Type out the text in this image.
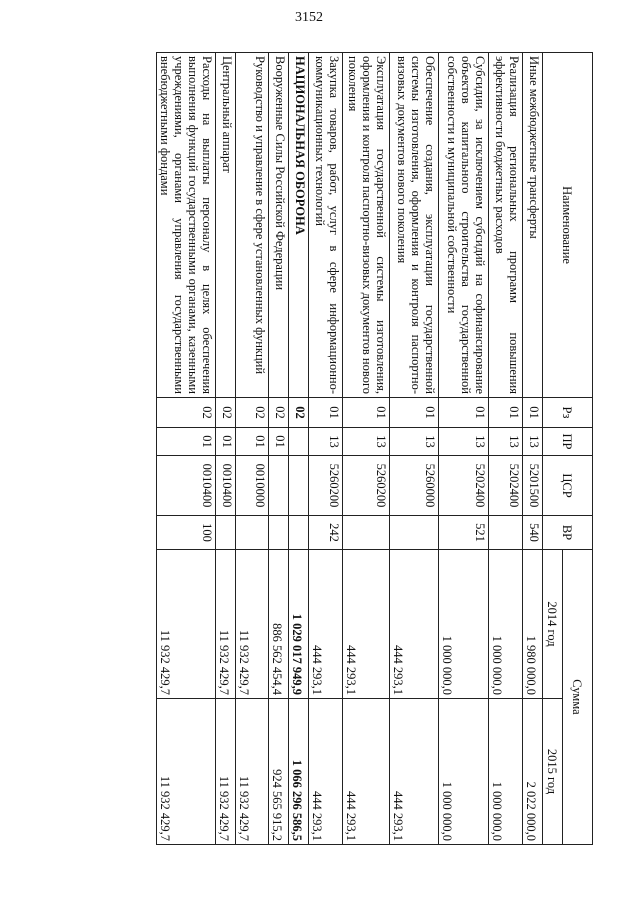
3152
Наименование	Рз	ПР	ЦСР	ВР	Сумма	
					2014 год	2015 год
Иные межбюджетные трансферты	01	13	5201500	540	1 980 000,0	2 022 000,0
Реализация региональных программ повышения эффективности бюджетных расходов	01	13	5202400		1 000 000,0	1 000 000,0
Субсидии, за исключением субсидий на софинансирование объектов капитального строительства государственной собственности и муниципальной собственности	01	13	5202400	521	1 000 000,0	1 000 000,0
Обеспечение создания, эксплуатации государственной системы изготовления, оформления и контроля паспортно-визовых документов нового поколения	01	13	5260000		444 293,1	444 293,1
Эксплуатация государственной системы изготовления, оформления и контроля паспортно-визовых документов нового поколения	01	13	5260200		444 293,1	444 293,1
Закупка товаров, работ, услуг в сфере информационно-коммуникационных технологий	01	13	5260200	242	444 293,1	444 293,1
НАЦИОНАЛЬНАЯ ОБОРОНА	02				1 029 017 949,9	1 066 296 586,5
Вооруженные Силы Российской Федерации	02	01			886 562 454,4	924 565 915,2
Руководство и управление в сфере установленных функций	02	01	0010000		11 932 429,7	11 932 429,7
Центральный аппарат	02	01	0010400		11 932 429,7	11 932 429,7
Расходы на выплаты персоналу в целях обеспечения выполнения функций государственными органами, казенными учреждениями, органами управления государственными внебюджетными фондами	02	01	0010400	100	11 932 429,7	11 932 429,7
